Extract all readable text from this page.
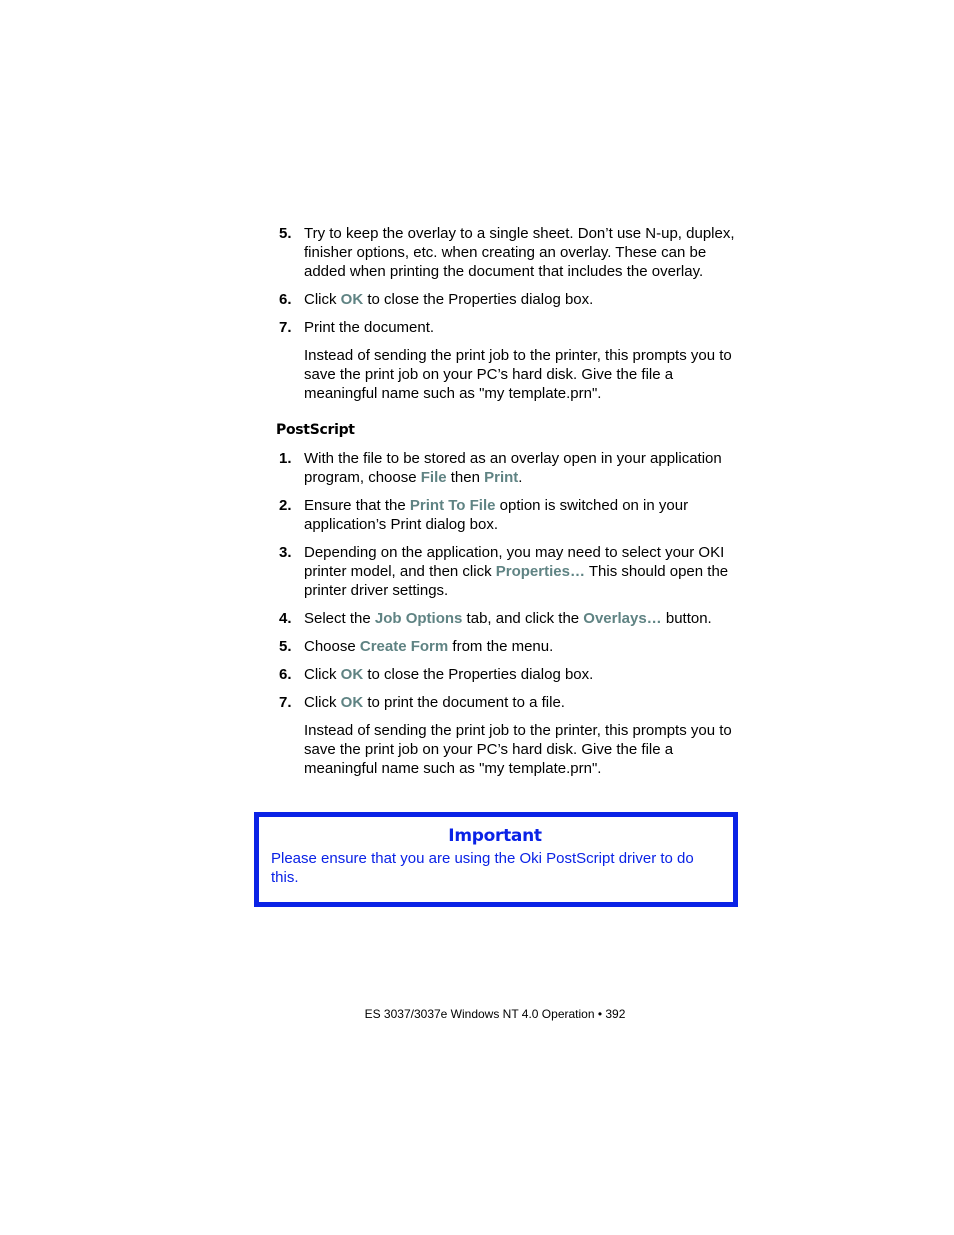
5. Try to keep the overlay to a single sheet. Don’t use N-up, duplex, finisher options, etc. when creating an overlay. These can be added when printing the document that includes the overlay.
6. Click OK to close the Properties dialog box.
7. Print the document.
Instead of sending the print job to the printer, this prompts you to save the print job on your PC’s hard disk. Give the file a meaningful name such as "my template.prn".
PostScript
1. With the file to be stored as an overlay open in your application program, choose File then Print.
2. Ensure that the Print To File option is switched on in your application’s Print dialog box.
3. Depending on the application, you may need to select your OKI printer model, and then click Properties… This should open the printer driver settings.
4. Select the Job Options tab, and click the Overlays… button.
5. Choose Create Form from the menu.
6. Click OK to close the Properties dialog box.
7. Click OK to print the document to a file.
Instead of sending the print job to the printer, this prompts you to save the print job on your PC’s hard disk. Give the file a meaningful name such as "my template.prn".
Important
Please ensure that you are using the Oki PostScript driver to do this.
ES 3037/3037e Windows NT 4.0 Operation • 392
